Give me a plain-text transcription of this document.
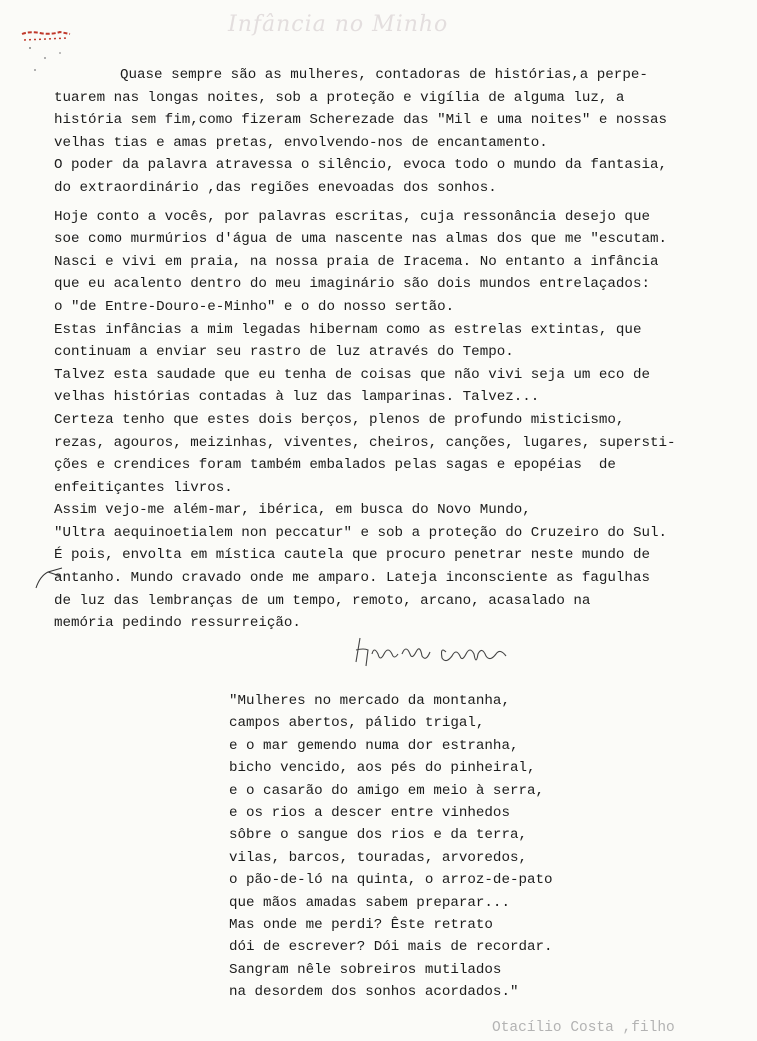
Infância no Minho

Quase sempre são as mulheres, contadoras de histórias,a perpe-
tuarem nas longas noites, sob a proteção e vigília de alguma luz, a
história sem fim,como fizeram Scherezade das "Mil e uma noites" e nossas
velhas tias e amas pretas, envolvendo-nos de encantamento.
O poder da palavra atravessa o silêncio, evoca todo o mundo da fantasia,
do extraordinário ,das regiões enevoadas dos sonhos.
Hoje conto a vocês, por palavras escritas, cuja ressonância desejo que
soe como murmúrios d'água de uma nascente nas almas dos que me "escutam.
Nasci e vivi em praia, na nossa praia de Iracema. No entanto a infância
que eu acalento dentro do meu imaginário são dois mundos entrelaçados:
o "de Entre-Douro-e-Minho" e o do nosso sertão.
Estas infâncias a mim legadas hibernam como as estrelas extintas, que
continuam a enviar seu rastro de luz através do Tempo.
Talvez esta saudade que eu tenha de coisas que não vivi seja um eco de
velhas histórias contadas à luz das lamparinas. Talvez...
Certeza tenho que estes dois berços, plenos de profundo misticismo,
rezas, agouros, meizinhas, viventes, cheiros, canções, lugares, supersti-
ções e crendices foram também embalados pelas sagas e epopéias  de
enfeitiçantes livros.
Assim vejo-me além-mar, ibérica, em busca do Novo Mundo,
"Ultra aequinoetialem non peccatur" e sob a proteção do Cruzeiro do Sul.
É pois, envolta em mística cautela que procuro penetrar neste mundo de
antanho. Mundo cravado onde me amparo. Lateja inconsciente as fagulhas
de luz das lembranças de um tempo, remoto, arcano, acasalado na
memória pedindo ressurreição.
"Mulheres no mercado da montanha,
campos abertos, pálido trigal,
e o mar gemendo numa dor estranha,
bicho vencido, aos pés do pinheiral,
e o casarão do amigo em meio à serra,
e os rios a descer entre vinhedos
sôbre o sangue dos rios e da terra,
vilas, barcos, touradas, arvoredos,
o pão-de-ló na quinta, o arroz-de-pato
que mãos amadas sabem preparar...
Mas onde me perdi? Êste retrato
dói de escrever? Dói mais de recordar.
Sangram nêle sobreiros mutilados
na desordem dos sonhos acordados."

Otacílio Costa ,filho
